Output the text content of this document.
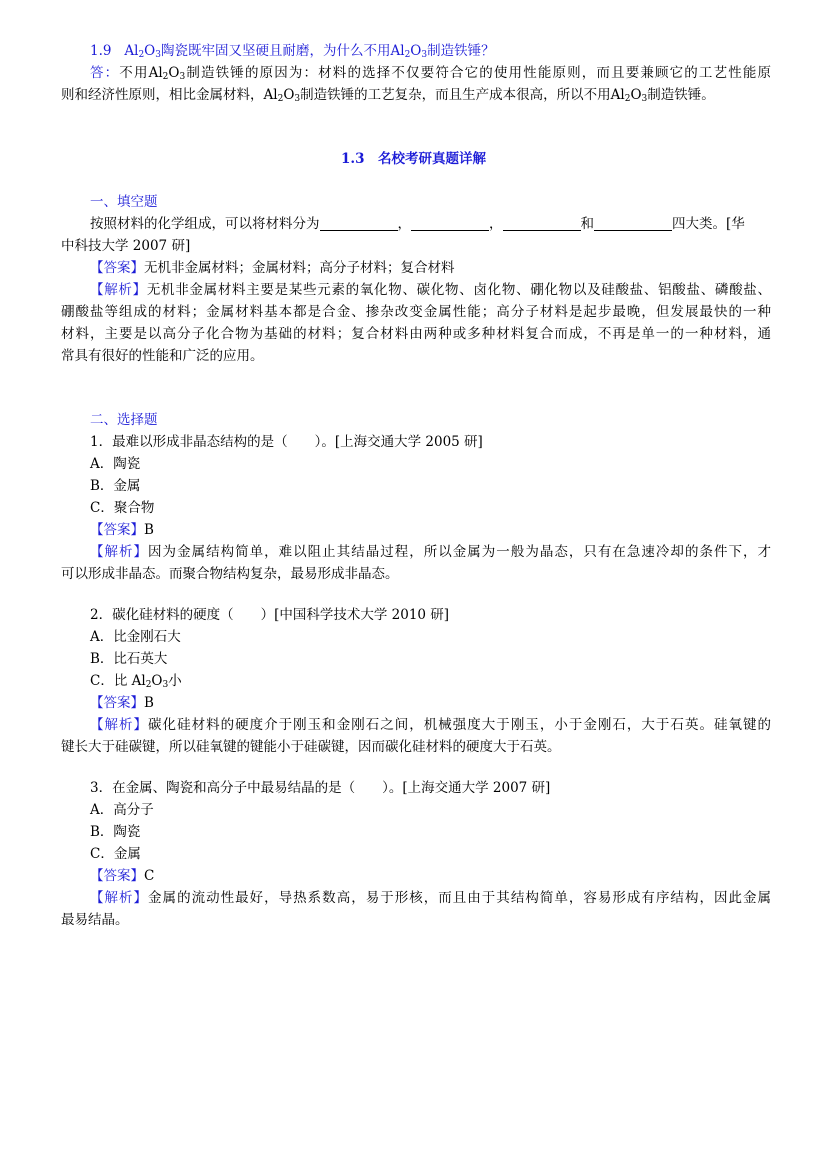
1.9 $Al_2O_3$陶瓷既牢固又坚硬且耐磨，为什么不用$Al_2O_3$制造铁锤？
答：不用$Al_2O_3$制造铁锤的原因为：材料的选择不仅要符合它的使用性能原则，而且要兼顾它的工艺性能原
则和经济性原则，相比金属材料，$Al_2O_3$制造铁锤的工艺复杂，而且生产成本很高，所以不用$Al_2O_3$制造铁锤。
1.3　名校考研真题详解
一、填空题
按照材料的化学组成，可以将材料分为	，	，	和	四大类。[华
中科技大学 2007 研]
【答案】无机非金属材料；金属材料；高分子材料；复合材料
【解析】无机非金属材料主要是某些元素的氧化物、碳化物、卤化物、硼化物以及硅酸盐、铝酸盐、磷酸盐、
硼酸盐等组成的材料；金属材料基本都是合金、掺杂改变金属性能；高分子材料是起步最晚，但发展最快的一种
材料，主要是以高分子化合物为基础的材料；复合材料由两种或多种材料复合而成，不再是单一的一种材料，通
常具有很好的性能和广泛的应用。
二、选择题
1．最难以形成非晶态结构的是（　　）。[上海交通大学 2005 研]
A．陶瓷
B．金属
C．聚合物
【答案】B
【解析】因为金属结构简单，难以阻止其结晶过程，所以金属为一般为晶态，只有在急速冷却的条件下，才
可以形成非晶态。而聚合物结构复杂，最易形成非晶态。
2．碳化硅材料的硬度（　　）[中国科学技术大学 2010 研]
A．比金刚石大
B．比石英大
C．比 $Al_2O_3$小
【答案】B
【解析】碳化硅材料的硬度介于刚玉和金刚石之间，机械强度大于刚玉，小于金刚石，大于石英。硅氧键的
键长大于硅碳键，所以硅氧键的键能小于硅碳键，因而碳化硅材料的硬度大于石英。
3．在金属、陶瓷和高分子中最易结晶的是（　　）。[上海交通大学 2007 研]
A．高分子
B．陶瓷
C．金属
【答案】C
【解析】金属的流动性最好，导热系数高，易于形核，而且由于其结构简单，容易形成有序结构，因此金属
最易结晶。
